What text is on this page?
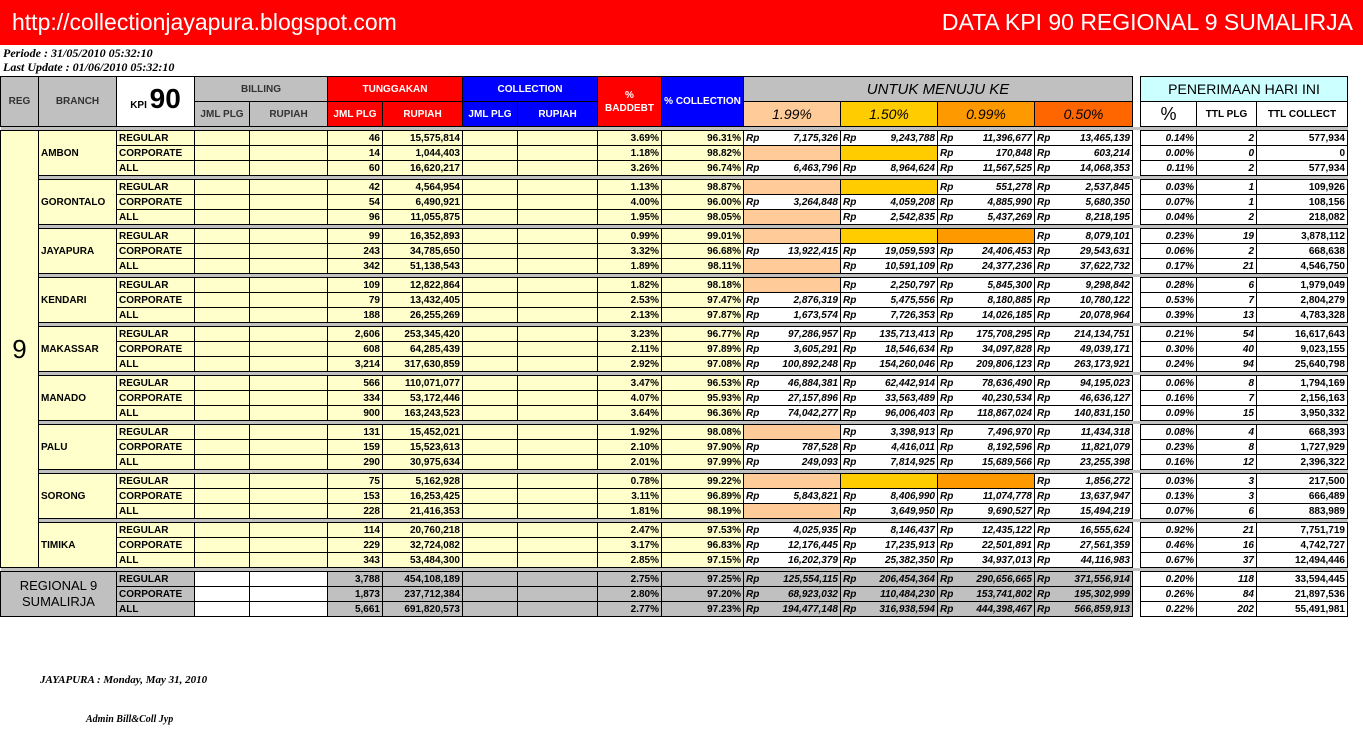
http://collectionjayapura.blogspot.com	DATA KPI 90 REGIONAL 9 SUMALIRJA
Periode : 31/05/2010 05:32:10
Last Update : 01/06/2010 05:32:10
REG	BRANCH	KPI 90	BILLING		TUNGGAKAN		COLLECTION		% BADDEBT	% COLLECTION	UNTUK MENUJU KE					PENERIMAAN HARI INI		
			JML PLG	RUPIAH	JML PLG	RUPIAH	JML PLG	RUPIAH			1.99%	1.50%	0.99%	0.50%		%	TTL PLG	TTL COLLECT

9	AMBON	REGULAR			46	15,575,814			3.69%	96.31%	Rp 7,175,326	Rp 9,243,788	Rp 11,396,677	Rp 13,465,139		0.14%	2	577,934
		CORPORATE			14	1,044,403			1.18%	98.82%			Rp 170,848	Rp 603,214		0.00%	0	0
		ALL			60	16,620,217			3.26%	96.74%	Rp 6,463,796	Rp 8,964,624	Rp 11,567,525	Rp 14,068,353		0.11%	2	577,934

	GORONTALO	REGULAR			42	4,564,954			1.13%	98.87%			Rp 551,278	Rp 2,537,845		0.03%	1	109,926
		CORPORATE			54	6,490,921			4.00%	96.00%	Rp 3,264,848	Rp 4,059,208	Rp 4,885,990	Rp 5,680,350		0.07%	1	108,156
		ALL			96	11,055,875			1.95%	98.05%		Rp 2,542,835	Rp 5,437,269	Rp 8,218,195		0.04%	2	218,082

	JAYAPURA	REGULAR			99	16,352,893			0.99%	99.01%				Rp 8,079,101		0.23%	19	3,878,112
		CORPORATE			243	34,785,650			3.32%	96.68%	Rp 13,922,415	Rp 19,059,593	Rp 24,406,453	Rp 29,543,631		0.06%	2	668,638
		ALL			342	51,138,543			1.89%	98.11%		Rp 10,591,109	Rp 24,377,236	Rp 37,622,732		0.17%	21	4,546,750

	KENDARI	REGULAR			109	12,822,864			1.82%	98.18%		Rp 2,250,797	Rp 5,845,300	Rp 9,298,842		0.28%	6	1,979,049
		CORPORATE			79	13,432,405			2.53%	97.47%	Rp 2,876,319	Rp 5,475,556	Rp 8,180,885	Rp 10,780,122		0.53%	7	2,804,279
		ALL			188	26,255,269			2.13%	97.87%	Rp 1,673,574	Rp 7,726,353	Rp 14,026,185	Rp 20,078,964		0.39%	13	4,783,328

	MAKASSAR	REGULAR			2,606	253,345,420			3.23%	96.77%	Rp 97,286,957	Rp 135,713,413	Rp 175,708,295	Rp 214,134,751		0.21%	54	16,617,643
		CORPORATE			608	64,285,439			2.11%	97.89%	Rp 3,605,291	Rp 18,546,634	Rp 34,097,828	Rp 49,039,171		0.30%	40	9,023,155
		ALL			3,214	317,630,859			2.92%	97.08%	Rp 100,892,248	Rp 154,260,046	Rp 209,806,123	Rp 263,173,921		0.24%	94	25,640,798

	MANADO	REGULAR			566	110,071,077			3.47%	96.53%	Rp 46,884,381	Rp 62,442,914	Rp 78,636,490	Rp 94,195,023		0.06%	8	1,794,169
		CORPORATE			334	53,172,446			4.07%	95.93%	Rp 27,157,896	Rp 33,563,489	Rp 40,230,534	Rp 46,636,127		0.16%	7	2,156,163
		ALL			900	163,243,523			3.64%	96.36%	Rp 74,042,277	Rp 96,006,403	Rp 118,867,024	Rp 140,831,150		0.09%	15	3,950,332

	PALU	REGULAR			131	15,452,021			1.92%	98.08%		Rp 3,398,913	Rp 7,496,970	Rp 11,434,318		0.08%	4	668,393
		CORPORATE			159	15,523,613			2.10%	97.90%	Rp 787,528	Rp 4,416,011	Rp 8,192,596	Rp 11,821,079		0.23%	8	1,727,929
		ALL			290	30,975,634			2.01%	97.99%	Rp 249,093	Rp 7,814,925	Rp 15,689,566	Rp 23,255,398		0.16%	12	2,396,322

	SORONG	REGULAR			75	5,162,928			0.78%	99.22%				Rp 1,856,272		0.03%	3	217,500
		CORPORATE			153	16,253,425			3.11%	96.89%	Rp 5,843,821	Rp 8,406,990	Rp 11,074,778	Rp 13,637,947		0.13%	3	666,489
		ALL			228	21,416,353			1.81%	98.19%		Rp 3,649,950	Rp 9,690,527	Rp 15,494,219		0.07%	6	883,989

	TIMIKA	REGULAR			114	20,760,218			2.47%	97.53%	Rp 4,025,935	Rp 8,146,437	Rp 12,435,122	Rp 16,555,624		0.92%	21	7,751,719
		CORPORATE			229	32,724,082			3.17%	96.83%	Rp 12,176,445	Rp 17,235,913	Rp 22,501,891	Rp 27,561,359		0.46%	16	4,742,727
		ALL			343	53,484,300			2.85%	97.15%	Rp 16,202,379	Rp 25,382,350	Rp 34,937,013	Rp 44,116,983		0.67%	37	12,494,446

REGIONAL 9 SUMALIRJA		REGULAR			3,788	454,108,189			2.75%	97.25%	Rp 125,554,115	Rp 206,454,364	Rp 290,656,665	Rp 371,556,914		0.20%	118	33,594,445
		CORPORATE			1,873	237,712,384			2.80%	97.20%	Rp 68,923,032	Rp 110,484,230	Rp 153,741,802	Rp 195,302,999		0.26%	84	21,897,536
		ALL			5,661	691,820,573			2.77%	97.23%	Rp 194,477,148	Rp 316,938,594	Rp 444,398,467	Rp 566,859,913		0.22%	202	55,491,981
JAYAPURA : Monday, May 31, 2010
Admin Bill&Coll Jyp
